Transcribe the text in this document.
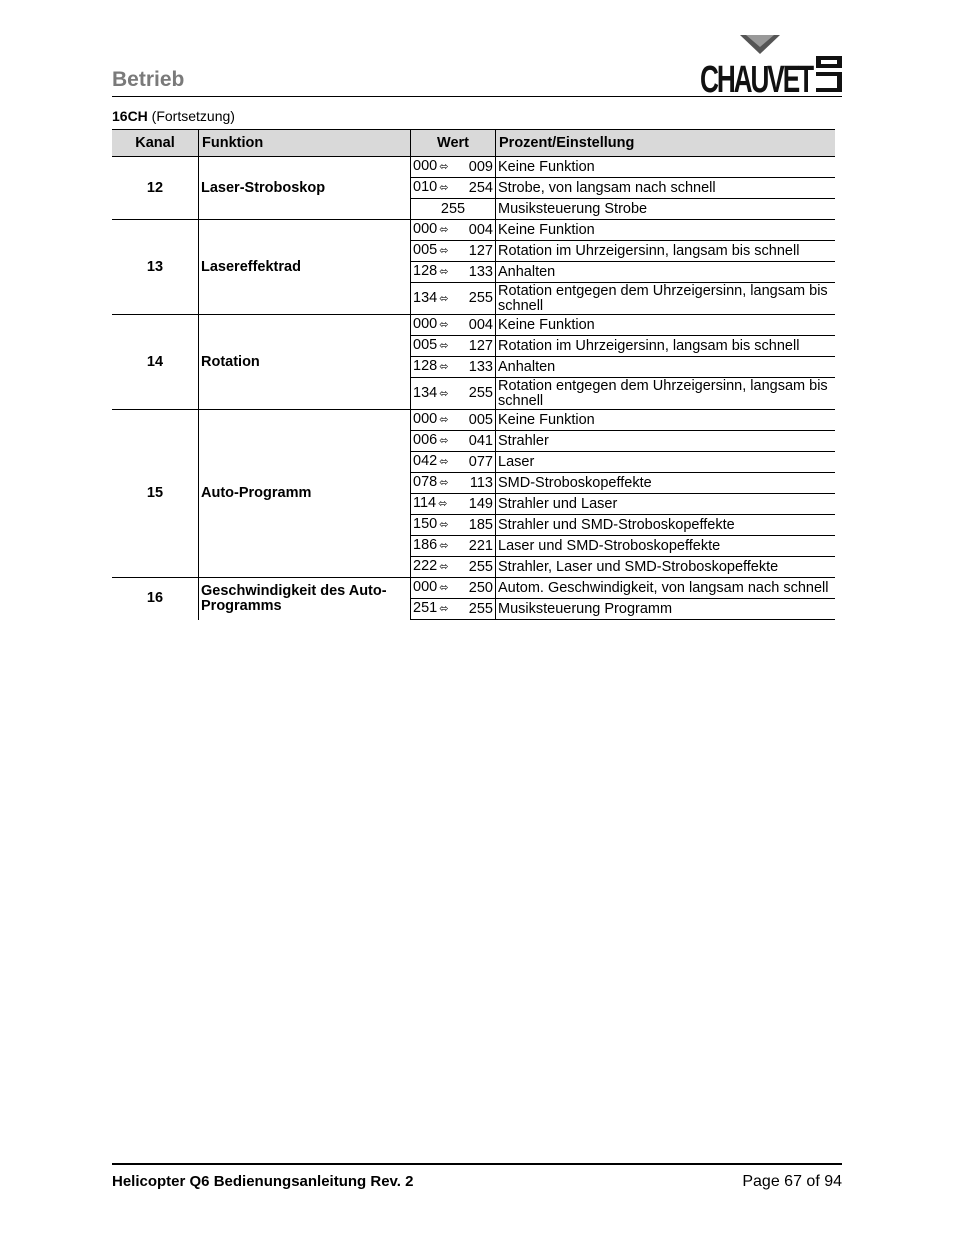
Betrieb	CHAUVET
16CH (Fortsetzung)
Kanal	Funktion	Wert	Prozent/Einstellung
12	Laser-Stroboskop	000 ⬄ 009	Keine Funktion

		010 ⬄ 254	Strobe, von langsam nach schnell

		255	Musiksteuerung Strobe
13	Lasereffektrad	000 ⬄ 004	Keine Funktion

		005 ⬄ 127	Rotation im Uhrzeigersinn, langsam bis schnell

		128 ⬄ 133	Anhalten

		134 ⬄ 255	Rotation entgegen dem Uhrzeigersinn, langsam bis schnell
14	Rotation	000 ⬄ 004	Keine Funktion

		005 ⬄ 127	Rotation im Uhrzeigersinn, langsam bis schnell

		128 ⬄ 133	Anhalten

		134 ⬄ 255	Rotation entgegen dem Uhrzeigersinn, langsam bis schnell
15	Auto-Programm	000 ⬄ 005	Keine Funktion

		006 ⬄ 041	Strahler

		042 ⬄ 077	Laser

		078 ⬄ 113	SMD-Stroboskopeffekte

		114 ⬄ 149	Strahler und Laser

		150 ⬄ 185	Strahler und SMD-Stroboskopeffekte

		186 ⬄ 221	Laser und SMD-Stroboskopeffekte

		222 ⬄ 255	Strahler, Laser und SMD-Stroboskopeffekte
16	Geschwindigkeit des Auto-Programms	000 ⬄ 250	Autom. Geschwindigkeit, von langsam nach schnell

		251 ⬄ 255	Musiksteuerung Programm
Helicopter Q6 Bedienungsanleitung Rev. 2	Page 67 of 94
